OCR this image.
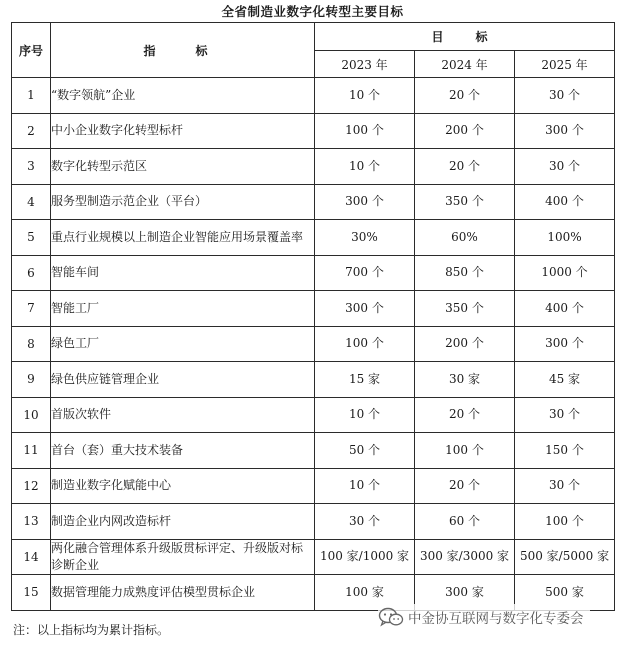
全省制造业数字化转型主要目标
序号	指　标	目　标		
		2023 年	2024 年	2025 年
1	“数字领航”企业	10 个	20 个	30 个
2	中小企业数字化转型标杆	100 个	200 个	300 个
3	数字化转型示范区	10 个	20 个	30 个
4	服务型制造示范企业（平台）	300 个	350 个	400 个
5	重点行业规模以上制造企业智能应用场景覆盖率	30%	60%	100%
6	智能车间	700 个	850 个	1000 个
7	智能工厂	300 个	350 个	400 个
8	绿色工厂	100 个	200 个	300 个
9	绿色供应链管理企业	15 家	30 家	45 家
10	首版次软件	10 个	20 个	30 个
11	首台（套）重大技术装备	50 个	100 个	150 个
12	制造业数字化赋能中心	10 个	20 个	30 个
13	制造企业内网改造标杆	30 个	60 个	100 个
14	两化融合管理体系升级版贯标评定、升级版对标诊断企业	100 家/1000 家	300 家/3000 家	500 家/5000 家
15	数据管理能力成熟度评估模型贯标企业	100 家	300 家	500 家
注：以上指标均为累计指标。
中金协互联网与数字化专委会
